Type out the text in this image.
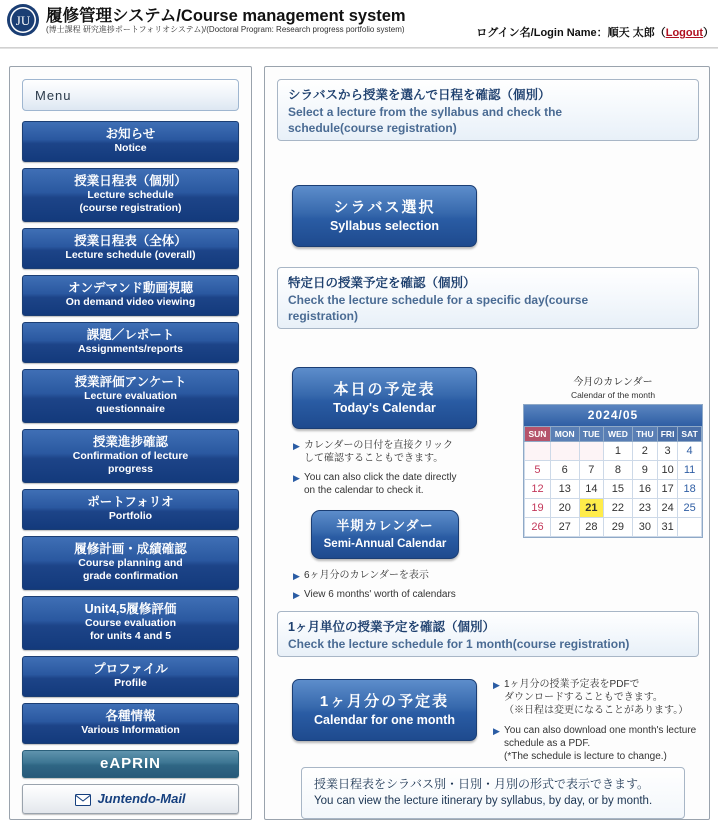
JU 履修管理システム/Course management system
(博士課程 研究進捗ポートフォリオシステム)/(Doctoral Program: Research progress portfolio system)	ログイン名/Login Name：順天 太郎（Logout）
Menu
お知らせ
Notice
授業日程表（個別）
Lecture schedule
(course registration)
授業日程表（全体）
Lecture schedule (overall)
オンデマンド動画視聴
On demand video viewing
課題／レポート
Assignments/reports
授業評価アンケート
Lecture evaluation
questionnaire
授業進捗確認
Confirmation of lecture
progress
ポートフォリオ
Portfolio
履修計画・成績確認
Course planning and
grade confirmation
Unit4,5履修評価
Course evaluation
for units 4 and 5
プロファイル
Profile
各種情報
Various Information
eAPRIN
Juntendo-Mail
シラバスから授業を選んで日程を確認（個別）
Select a lecture from the syllabus and check the
schedule(course registration)
シラバス選択
Syllabus selection
特定日の授業予定を確認（個別）
Check the lecture schedule for a specific day(course
registration)
本日の予定表
Today's Calendar
▶ カレンダーの日付を直接クリック
して確認することもできます。
▶ You can also click the date directly
on the calendar to check it.
半期カレンダー
Semi-Annual Calendar
▶ 6ヶ月分のカレンダーを表示
▶ View 6 months' worth of calendars
今月のカレンダー
Calendar of the month
2024/05
SUN	MON	TUE	WED	THU	FRI	SAT
			1	2	3	4
5	6	7	8	9	10	11
12	13	14	15	16	17	18
19	20	21	22	23	24	25
26	27	28	29	30	31	
1ヶ月単位の授業予定を確認（個別）
Check the lecture schedule for 1 month(course registration)
1ヶ月分の予定表
Calendar for one month
▶ 1ヶ月分の授業予定表をPDFで
ダウンロードすることもできます。
（※日程は変更になることがあります。）
▶ You can also download one month's lecture
schedule as a PDF.
(*The schedule is lecture to change.)
授業日程表をシラバス別・日別・月別の形式で表示できます。
You can view the lecture itinerary by syllabus, by day, or by month.
